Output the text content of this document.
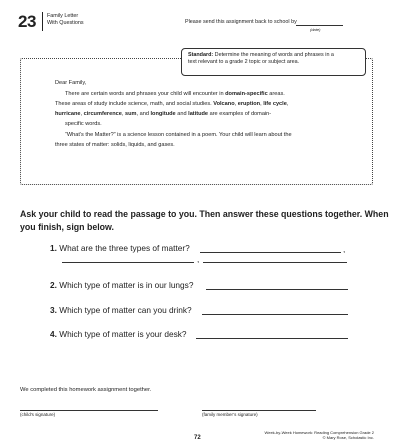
23 Family Letter
With Questions	Please send this assignment back to school by
(date)
Standard: Determine the meaning of words and phrases in a
text relevant to a grade 2 topic or subject area.
Dear Family,
There are certain words and phrases your child will encounter in domain-specific areas.
These areas of study include science, math, and social studies. Volcano, eruption, life cycle,
hurricane, circumference, sum, and longitude and latitude are examples of domain-
specific words.
“What’s the Matter?” is a science lesson contained in a poem. Your child will learn about the
three states of matter: solids, liquids, and gases.
Ask your child to read the passage to you. Then answer these questions together. When you finish, sign below.
1. What are the three types of matter?	,
,
2. Which type of matter is in our lungs?
3. Which type of matter can you drink?
4. Which type of matter is your desk?
We completed this homework assignment together.
(child’s signature)	(family member’s signature)
72
Week-by-Week Homework: Reading Comprehension Grade 2
© Mary Rose, Scholastic Inc.
